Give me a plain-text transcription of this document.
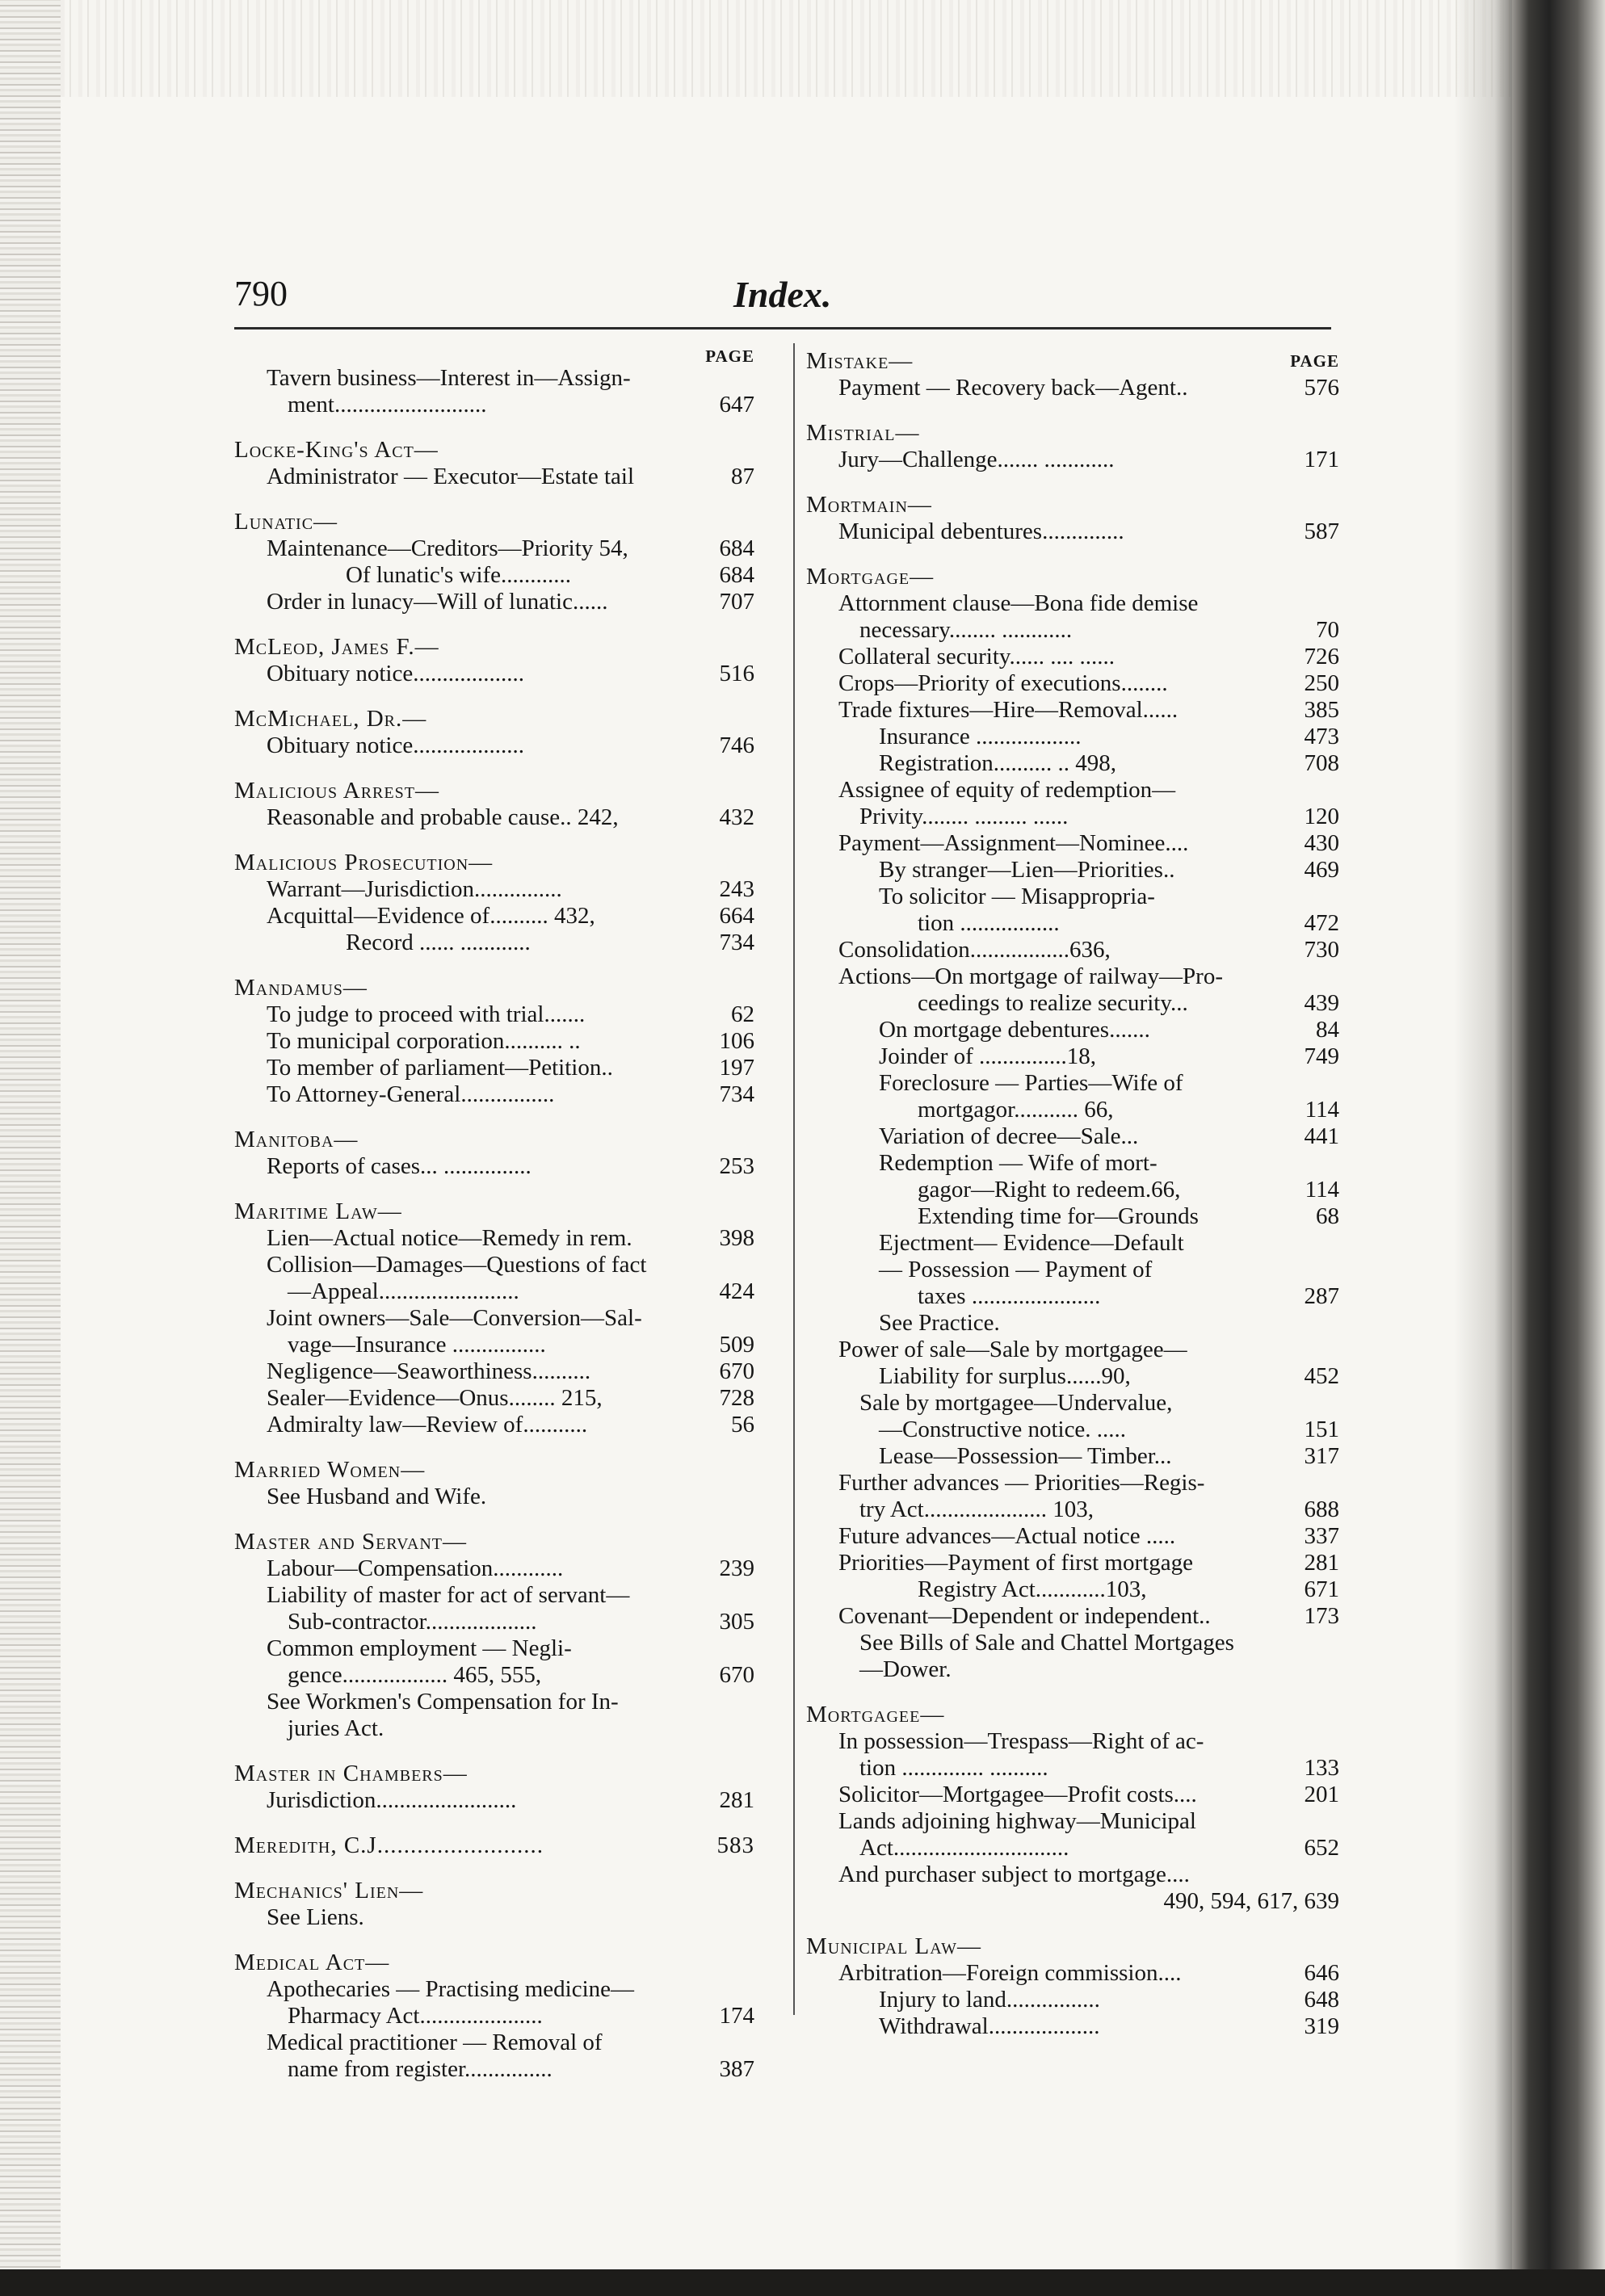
790	Index.
PAGE
Tavern business—Interest in—Assign-
ment..........................	647
Locke-King's Act—
Administrator — Executor—Estate tail	87
Lunatic—
Maintenance—Creditors—Priority 54,	684
Of lunatic's wife............	684
Order in lunacy—Will of lunatic......	707
McLeod, James F.—
Obituary notice...................	516
McMichael, Dr.—
Obituary notice...................	746
Malicious Arrest—
Reasonable and probable cause.. 242,	432
Malicious Prosecution—
Warrant—Jurisdiction...............	243
Acquittal—Evidence of.......... 432,	664
Record ...... ............	734
Mandamus—
To judge to proceed with trial.......	62
To municipal corporation.......... ..	106
To member of parliament—Petition..	197
To Attorney-General................	734
Manitoba—
Reports of cases... ...............	253
Maritime Law—
Lien—Actual notice—Remedy in rem.	398
Collision—Damages—Questions of fact
—Appeal........................	424
Joint owners—Sale—Conversion—Sal-
vage—Insurance ................	509
Negligence—Seaworthiness..........	670
Sealer—Evidence—Onus........ 215,	728
Admiralty law—Review of...........	56
Married Women—
See Husband and Wife.
Master and Servant—
Labour—Compensation............	239
Liability of master for act of servant—
Sub-contractor...................	305
Common employment — Negli-
gence.................. 465, 555,	670
See Workmen's Compensation for In-
juries Act.
Master in Chambers—
Jurisdiction........................	281
Meredith, C.J.........................	583
Mechanics' Lien—
See Liens.
Medical Act—
Apothecaries — Practising medicine—
Pharmacy Act.....................	174
Medical practitioner — Removal of
name from register...............	387
Mistake—	PAGE
Payment — Recovery back—Agent..	576
Mistrial—
Jury—Challenge....... ............	171
Mortmain—
Municipal debentures..............	587
Mortgage—
Attornment clause—Bona fide demise
necessary........ ............	70
Collateral security...... .... ......	726
Crops—Priority of executions........	250
Trade fixtures—Hire—Removal......	385
Insurance ..................	473
Registration.......... .. 498,	708
Assignee of equity of redemption—
Privity........ ......... ......	120
Payment—Assignment—Nominee....	430
By stranger—Lien—Priorities..	469
To solicitor — Misappropria-
tion .................	472
Consolidation.................636,	730
Actions—On mortgage of railway—Pro-
ceedings to realize security...	439
On mortgage debentures.......	84
Joinder of ...............18,	749
Foreclosure — Parties—Wife of
mortgagor........... 66,	114
Variation of decree—Sale...	441
Redemption — Wife of mort-
gagor—Right to redeem.66,	114
Extending time for—Grounds	68
Ejectment— Evidence—Default
— Possession — Payment of
taxes ......................	287
See Practice.
Power of sale—Sale by mortgagee—
Liability for surplus......90,	452
Sale by mortgagee—Undervalue,
—Constructive notice. .....	151
Lease—Possession— Timber...	317
Further advances — Priorities—Regis-
try Act..................... 103,	688
Future advances—Actual notice .....	337
Priorities—Payment of first mortgage	281
Registry Act............103,	671
Covenant—Dependent or independent..	173
See Bills of Sale and Chattel Mortgages
—Dower.
Mortgagee—
In possession—Trespass—Right of ac-
tion .............. ..........	133
Solicitor—Mortgagee—Profit costs....	201
Lands adjoining highway—Municipal
Act..............................	652
And purchaser subject to mortgage....
490, 594, 617, 639
Municipal Law—
Arbitration—Foreign commission....	646
Injury to land................	648
Withdrawal...................	319
